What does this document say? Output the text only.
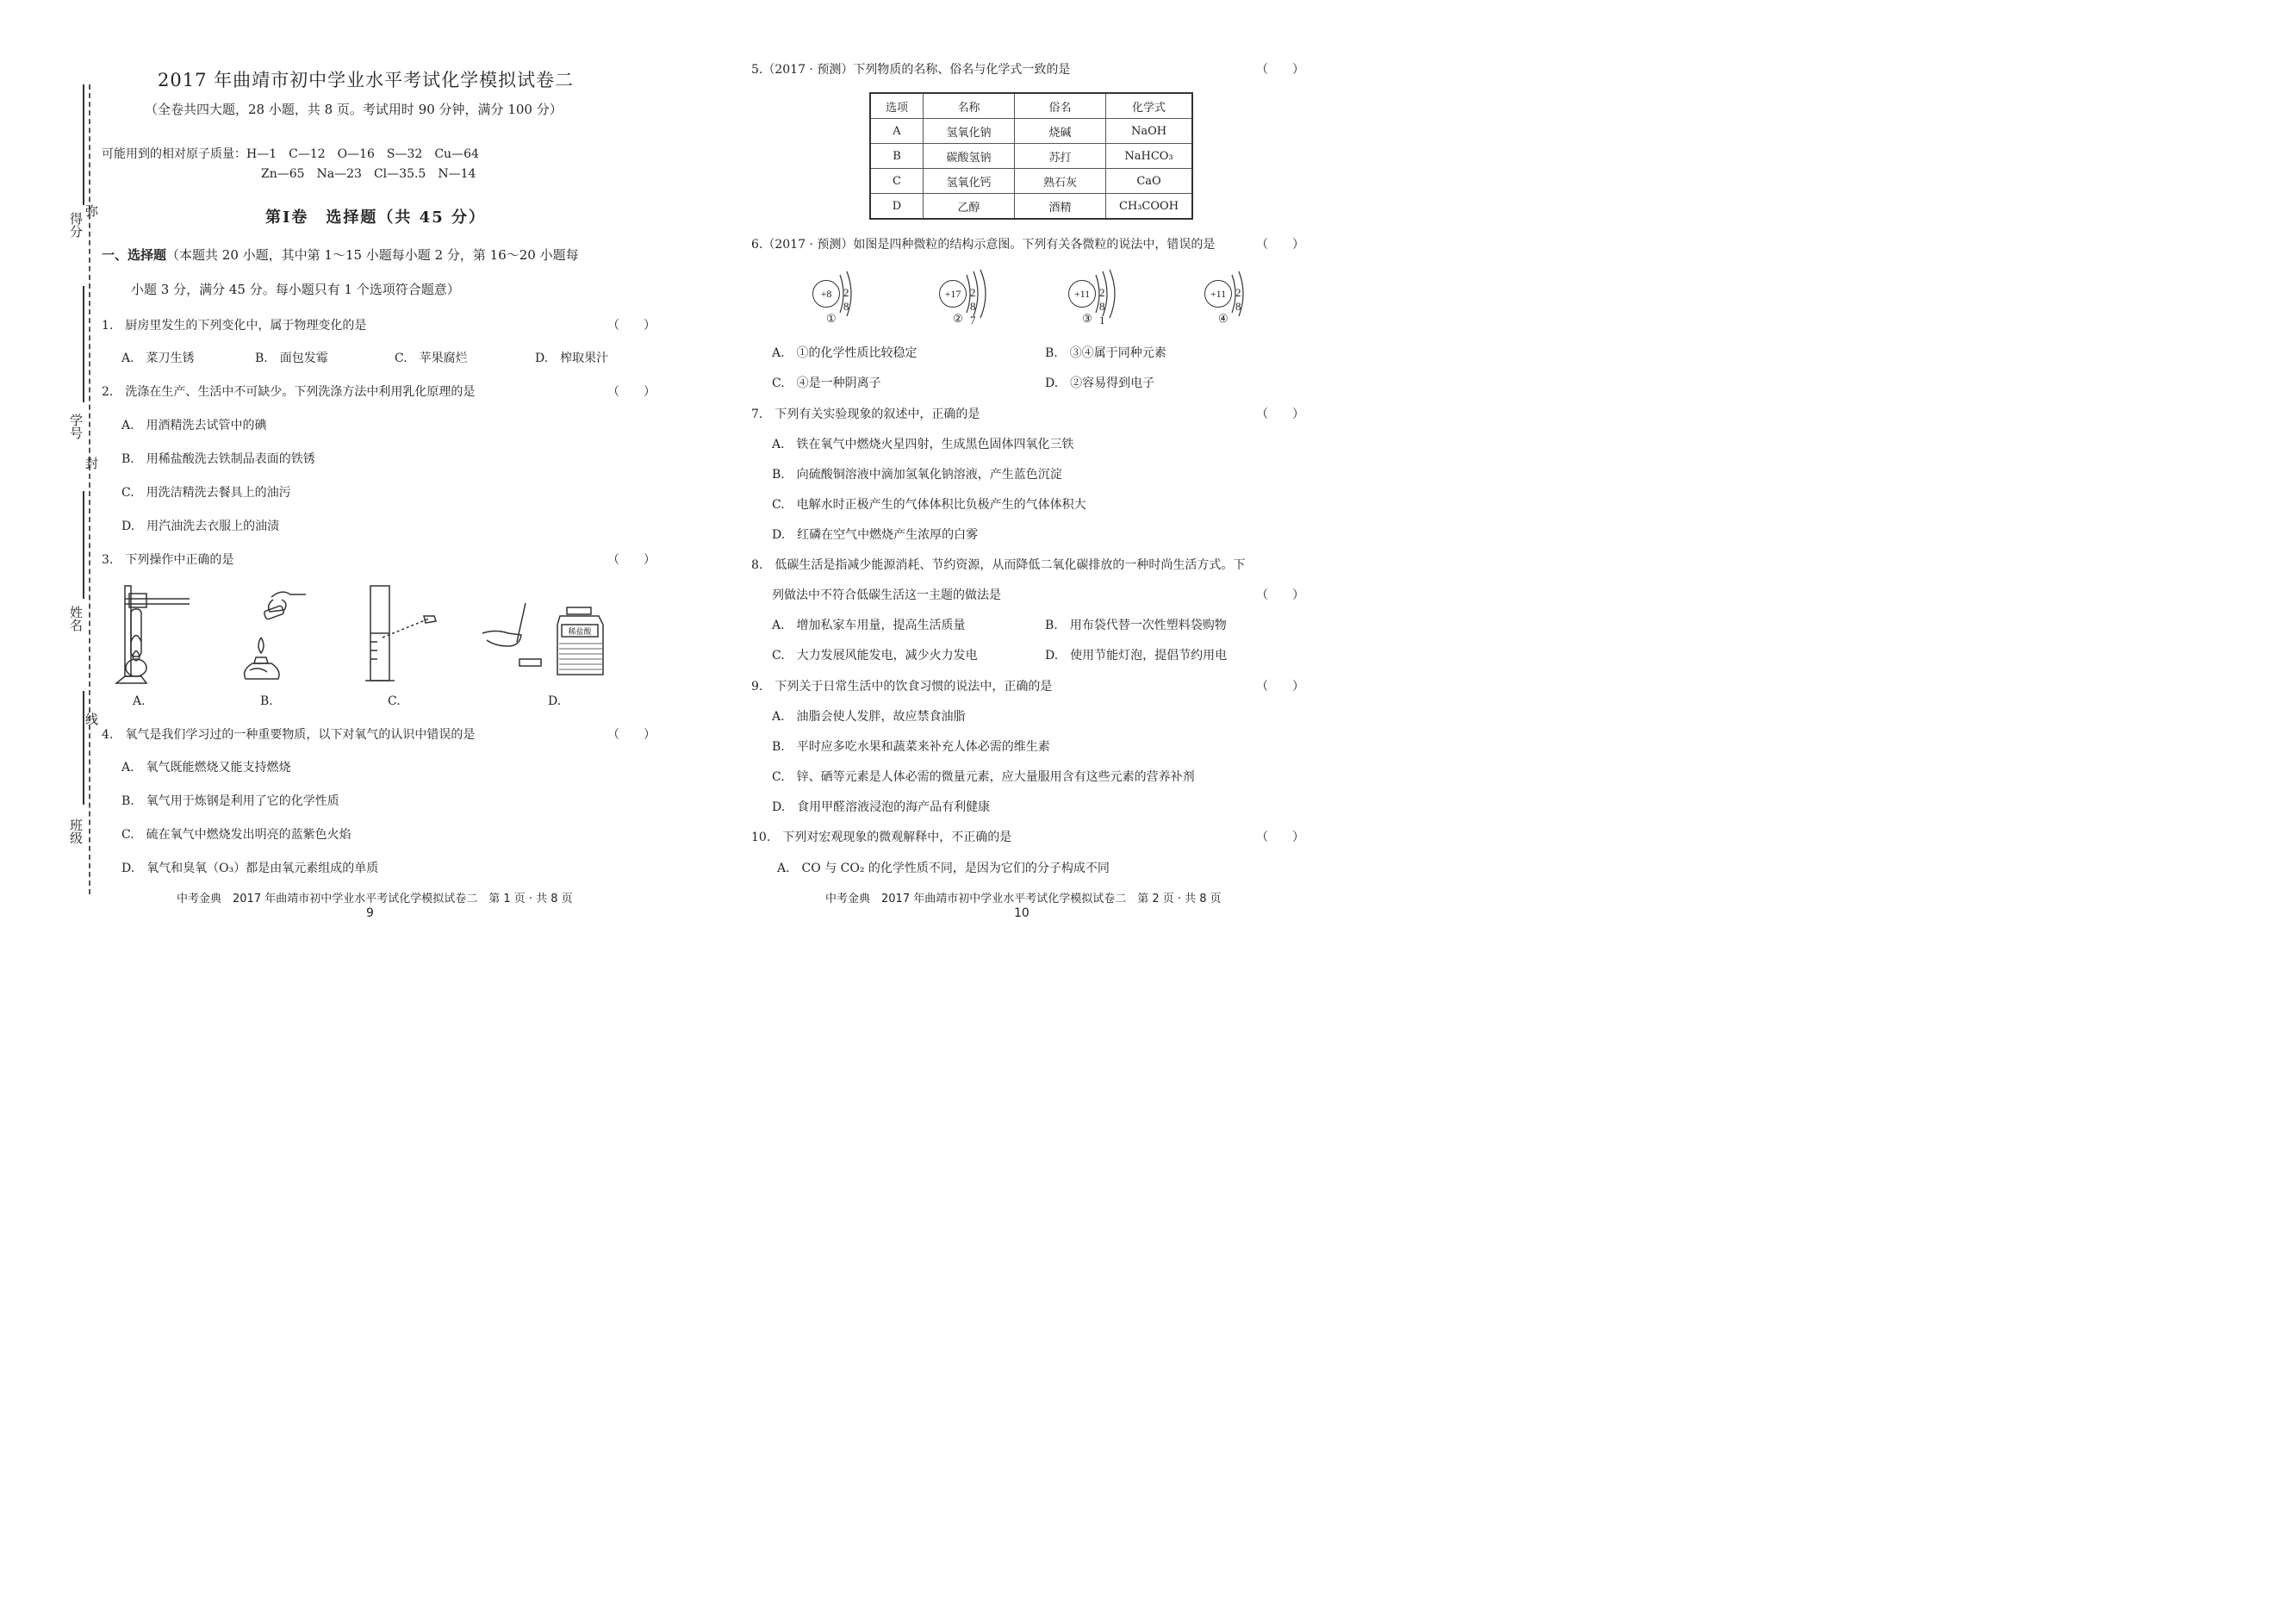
得分
弥
学号
封
姓名
线
班级
2017 年曲靖市初中学业水平考试化学模拟试卷二
（全卷共四大题，28 小题，共 8 页。考试用时 90 分钟，满分 100 分）
可能用到的相对原子质量：H—1　C—12　O—16　S—32　Cu—64
Zn—65　Na—23　Cl—35.5　N—14
第Ⅰ卷　选择题（共 45 分）
一、选择题（本题共 20 小题，其中第 1～15 小题每小题 2 分，第 16～20 小题每
小题 3 分，满分 45 分。每小题只有 1 个选项符合题意）
1.　厨房里发生的下列变化中，属于物理变化的是	（　　）
A.　菜刀生锈	B.　面包发霉	C.　苹果腐烂	D.　榨取果汁
2.　洗涤在生产、生活中不可缺少。下列洗涤方法中利用乳化原理的是	（　　）
A.　用酒精洗去试管中的碘
B.　用稀盐酸洗去铁制品表面的铁锈
C.　用洗洁精洗去餐具上的油污
D.　用汽油洗去衣服上的油渍
3.　下列操作中正确的是	（　　）
稀盐酸
A.	B.	C.	D.
4.　氧气是我们学习过的一种重要物质，以下对氧气的认识中错误的是	（　　）
A.　氧气既能燃烧又能支持燃烧
B.　氧气用于炼钢是利用了它的化学性质
C.　硫在氧气中燃烧发出明亮的蓝紫色火焰
D.　氧气和臭氧（O₃）都是由氧元素组成的单质
中考金典　2017 年曲靖市初中学业水平考试化学模拟试卷二　第 1 页 · 共 8 页
9
5.（2017 · 预测）下列物质的名称、俗名与化学式一致的是	（　　）
选项	名称	俗名	化学式
A	氢氧化钠	烧碱	NaOH
B	碳酸氢钠	苏打	NaHCO₃
C	氢氧化钙	熟石灰	CaO
D	乙醇	酒精	CH₃COOH
6.（2017 · 预测）如图是四种微粒的结构示意图。下列有关各微粒的说法中，错误的是	（　　）
+8	2 8
①
+17 2 8 7
②
+11 2 8 1
③
+11 2 8
④
A.　①的化学性质比较稳定	B.　③④属于同种元素
C.　④是一种阴离子	D.　②容易得到电子
7.　下列有关实验现象的叙述中，正确的是	（　　）
A.　铁在氧气中燃烧火星四射，生成黑色固体四氧化三铁
B.　向硫酸铜溶液中滴加氢氧化钠溶液，产生蓝色沉淀
C.　电解水时正极产生的气体体积比负极产生的气体体积大
D.　红磷在空气中燃烧产生浓厚的白雾
8.　低碳生活是指减少能源消耗、节约资源，从而降低二氧化碳排放的一种时尚生活方式。下
列做法中不符合低碳生活这一主题的做法是	（　　）
A.　增加私家车用量，提高生活质量	B.　用布袋代替一次性塑料袋购物
C.　大力发展风能发电，减少火力发电	D.　使用节能灯泡，提倡节约用电
9.　下列关于日常生活中的饮食习惯的说法中，正确的是	（　　）
A.　油脂会使人发胖，故应禁食油脂
B.　平时应多吃水果和蔬菜来补充人体必需的维生素
C.　锌、硒等元素是人体必需的微量元素，应大量服用含有这些元素的营养补剂
D.　食用甲醛溶液浸泡的海产品有利健康
10.　下列对宏观现象的微观解释中，不正确的是	（　　）
A.　CO 与 CO₂ 的化学性质不同，是因为它们的分子构成不同
中考金典　2017 年曲靖市初中学业水平考试化学模拟试卷二　第 2 页 · 共 8 页
10
